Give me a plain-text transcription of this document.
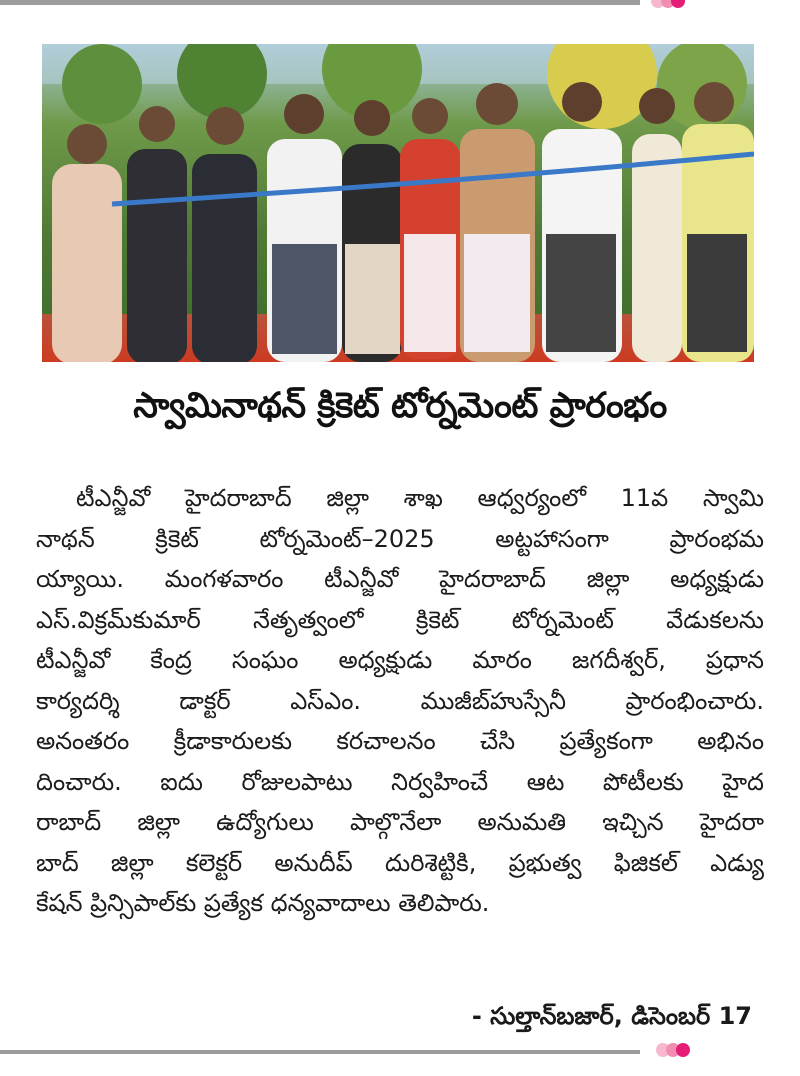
స్వామినాథన్ క్రికెట్ టోర్నమెంట్ ప్రారంభం
టీఎన్జీవో హైదరాబాద్ జిల్లా శాఖ ఆధ్వర్యంలో 11వ స్వామి
నాథన్ క్రికెట్ టోర్నమెంట్–2025 అట్టహాసంగా ప్రారంభమ
య్యాయి. మంగళవారం టీఎన్జీవో హైదరాబాద్ జిల్లా అధ్యక్షుడు
ఎస్.విక్రమ్‌కుమార్ నేతృత్వంలో క్రికెట్ టోర్నమెంట్ వేడుకలను
టీఎన్జీవో కేంద్ర సంఘం అధ్యక్షుడు మారం జగదీశ్వర్, ప్రధాన
కార్యదర్శి డాక్టర్ ఎస్ఎం. ముజీబ్‌హుస్సేనీ ప్రారంభించారు.
అనంతరం క్రీడాకారులకు కరచాలనం చేసి ప్రత్యేకంగా అభినం
దించారు. ఐదు రోజులపాటు నిర్వహించే ఆట పోటీలకు హైద
రాబాద్ జిల్లా ఉద్యోగులు పాల్గొనేలా అనుమతి ఇచ్చిన హైదరా
బాద్ జిల్లా కలెక్టర్ అనుదీప్ దురిశెట్టికి, ప్రభుత్వ ఫిజికల్ ఎడ్యు
కేషన్ ప్రిన్సిపాల్‌కు ప్రత్యేక ధన్యవాదాలు తెలిపారు.
- సుల్తాన్‌బజార్, డిసెంబర్ 17
